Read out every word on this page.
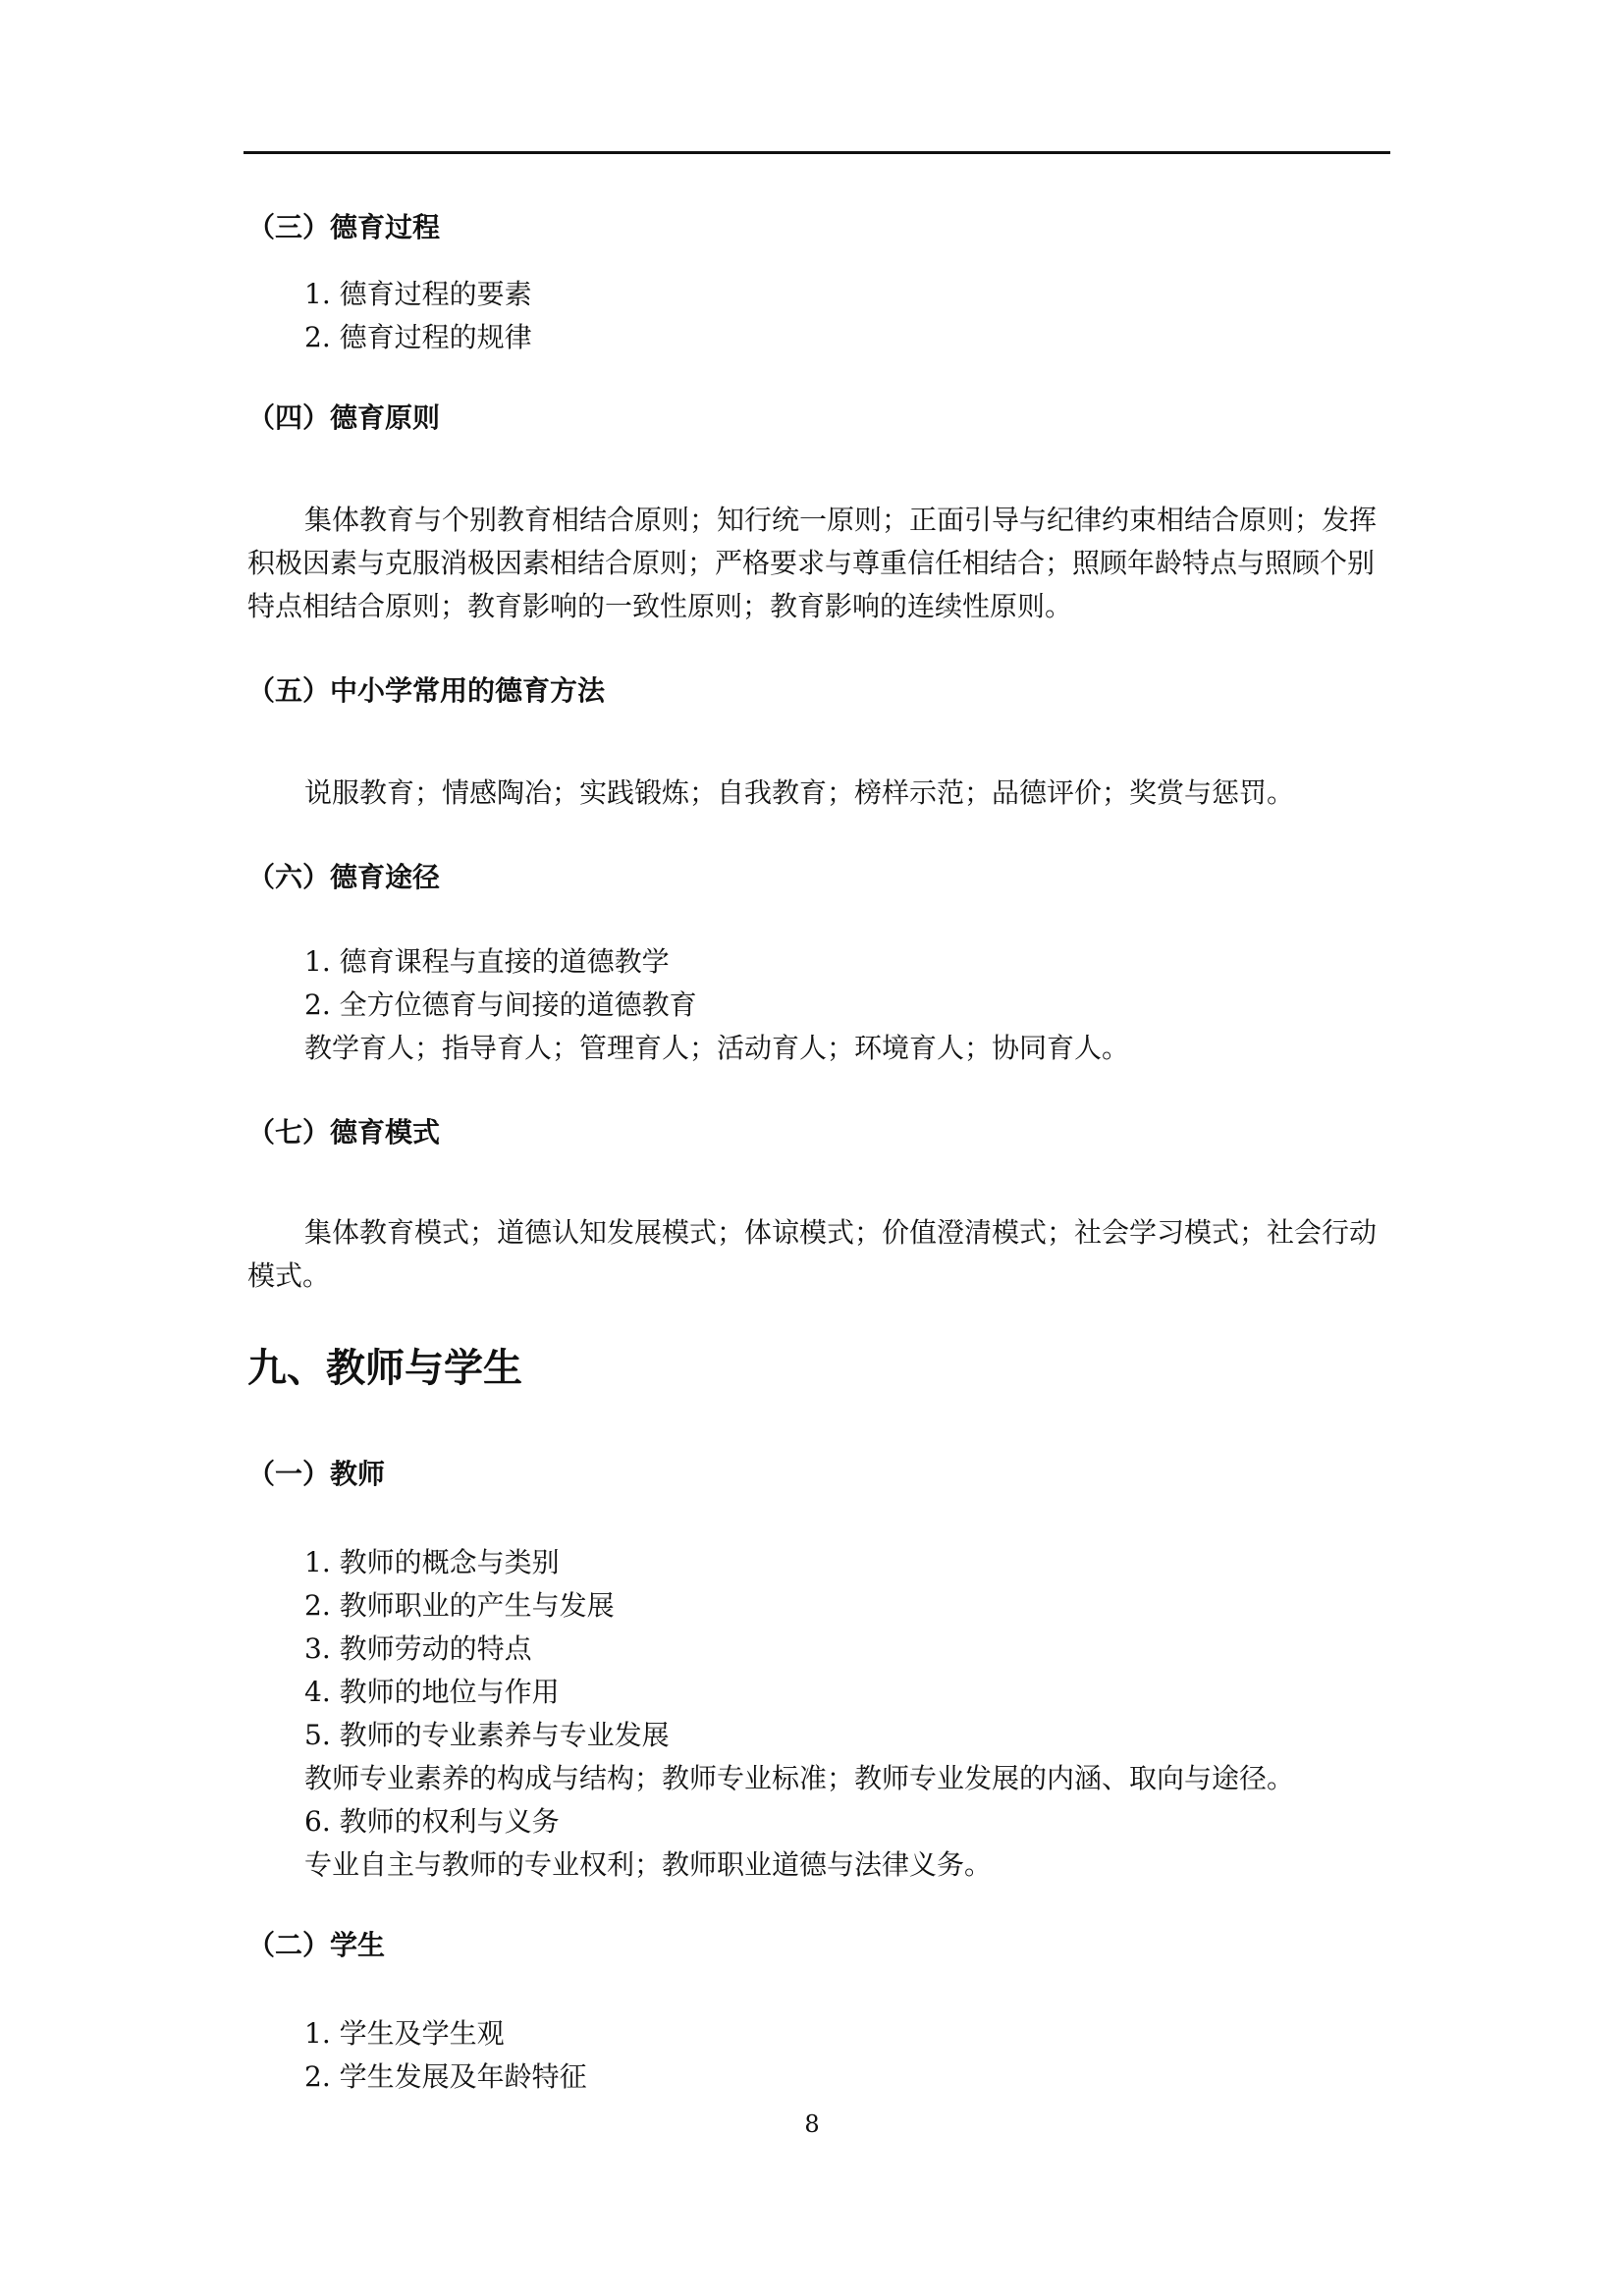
（三）德育过程

1. 德育过程的要素

2. 德育过程的规律

（四）德育原则

集体教育与个别教育相结合原则；知行统一原则；正面引导与纪律约束相结合原则；发挥积极因素与克服消极因素相结合原则；严格要求与尊重信任相结合；照顾年龄特点与照顾个别特点相结合原则；教育影响的一致性原则；教育影响的连续性原则。

（五）中小学常用的德育方法

说服教育；情感陶冶；实践锻炼；自我教育；榜样示范；品德评价；奖赏与惩罚。

（六）德育途径

1. 德育课程与直接的道德教学

2. 全方位德育与间接的道德教育

教学育人；指导育人；管理育人；活动育人；环境育人；协同育人。

（七）德育模式

集体教育模式；道德认知发展模式；体谅模式；价值澄清模式；社会学习模式；社会行动模式。

九、教师与学生

（一）教师

1. 教师的概念与类别

2. 教师职业的产生与发展

3. 教师劳动的特点

4. 教师的地位与作用

5. 教师的专业素养与专业发展

教师专业素养的构成与结构；教师专业标准；教师专业发展的内涵、取向与途径。

6. 教师的权利与义务

专业自主与教师的专业权利；教师职业道德与法律义务。

（二）学生

1. 学生及学生观

2. 学生发展及年龄特征

8
